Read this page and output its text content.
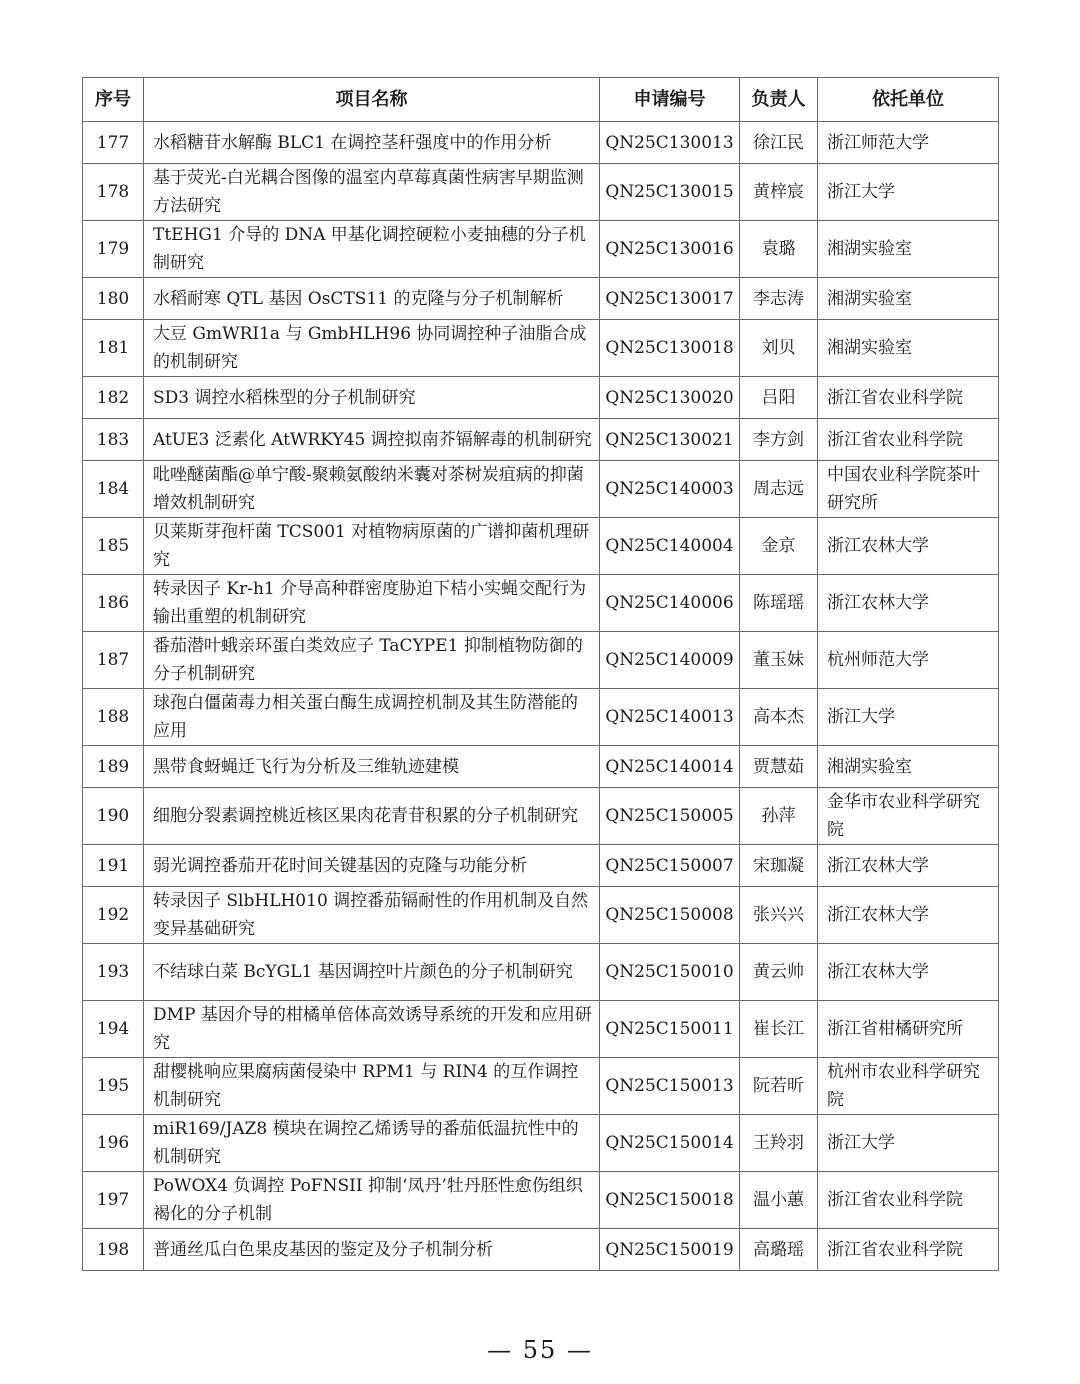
序号	项目名称	申请编号	负责人	依托单位
177	水稻糖苷水解酶 BLC1 在调控茎秆强度中的作用分析	QN25C130013	徐江民	浙江师范大学
178	基于荧光-白光耦合图像的温室内草莓真菌性病害早期监测方法研究	QN25C130015	黄梓宸	浙江大学
179	TtEHG1 介导的 DNA 甲基化调控硬粒小麦抽穗的分子机制研究	QN25C130016	袁璐	湘湖实验室
180	水稻耐寒 QTL 基因 OsCTS11 的克隆与分子机制解析	QN25C130017	李志涛	湘湖实验室
181	大豆 GmWRI1a 与 GmbHLH96 协同调控种子油脂合成的机制研究	QN25C130018	刘贝	湘湖实验室
182	SD3 调控水稻株型的分子机制研究	QN25C130020	吕阳	浙江省农业科学院
183	AtUE3 泛素化 AtWRKY45 调控拟南芥镉解毒的机制研究	QN25C130021	李方剑	浙江省农业科学院
184	吡唑醚菌酯@单宁酸-聚赖氨酸纳米囊对茶树炭疽病的抑菌增效机制研究	QN25C140003	周志远	中国农业科学院茶叶研究所
185	贝莱斯芽孢杆菌 TCS001 对植物病原菌的广谱抑菌机理研究	QN25C140004	金京	浙江农林大学
186	转录因子 Kr-h1 介导高种群密度胁迫下桔小实蝇交配行为输出重塑的机制研究	QN25C140006	陈瑶瑶	浙江农林大学
187	番茄潜叶蛾亲环蛋白类效应子 TaCYPE1 抑制植物防御的分子机制研究	QN25C140009	董玉妹	杭州师范大学
188	球孢白僵菌毒力相关蛋白酶生成调控机制及其生防潜能的应用	QN25C140013	高本杰	浙江大学
189	黑带食蚜蝇迁飞行为分析及三维轨迹建模	QN25C140014	贾慧茹	湘湖实验室
190	细胞分裂素调控桃近核区果肉花青苷积累的分子机制研究	QN25C150005	孙萍	金华市农业科学研究院
191	弱光调控番茄开花时间关键基因的克隆与功能分析	QN25C150007	宋珈凝	浙江农林大学
192	转录因子 SlbHLH010 调控番茄镉耐性的作用机制及自然变异基础研究	QN25C150008	张兴兴	浙江农林大学
193	不结球白菜 BcYGL1 基因调控叶片颜色的分子机制研究	QN25C150010	黄云帅	浙江农林大学
194	DMP 基因介导的柑橘单倍体高效诱导系统的开发和应用研究	QN25C150011	崔长江	浙江省柑橘研究所
195	甜樱桃响应果腐病菌侵染中 RPM1 与 RIN4 的互作调控机制研究	QN25C150013	阮若昕	杭州市农业科学研究院
196	miR169/JAZ8 模块在调控乙烯诱导的番茄低温抗性中的机制研究	QN25C150014	王羚羽	浙江大学
197	PoWOX4 负调控 PoFNSII 抑制‘凤丹’牡丹胚性愈伤组织褐化的分子机制	QN25C150018	温小蕙	浙江省农业科学院
198	普通丝瓜白色果皮基因的鉴定及分子机制分析	QN25C150019	高璐瑶	浙江省农业科学院
— 55 —
